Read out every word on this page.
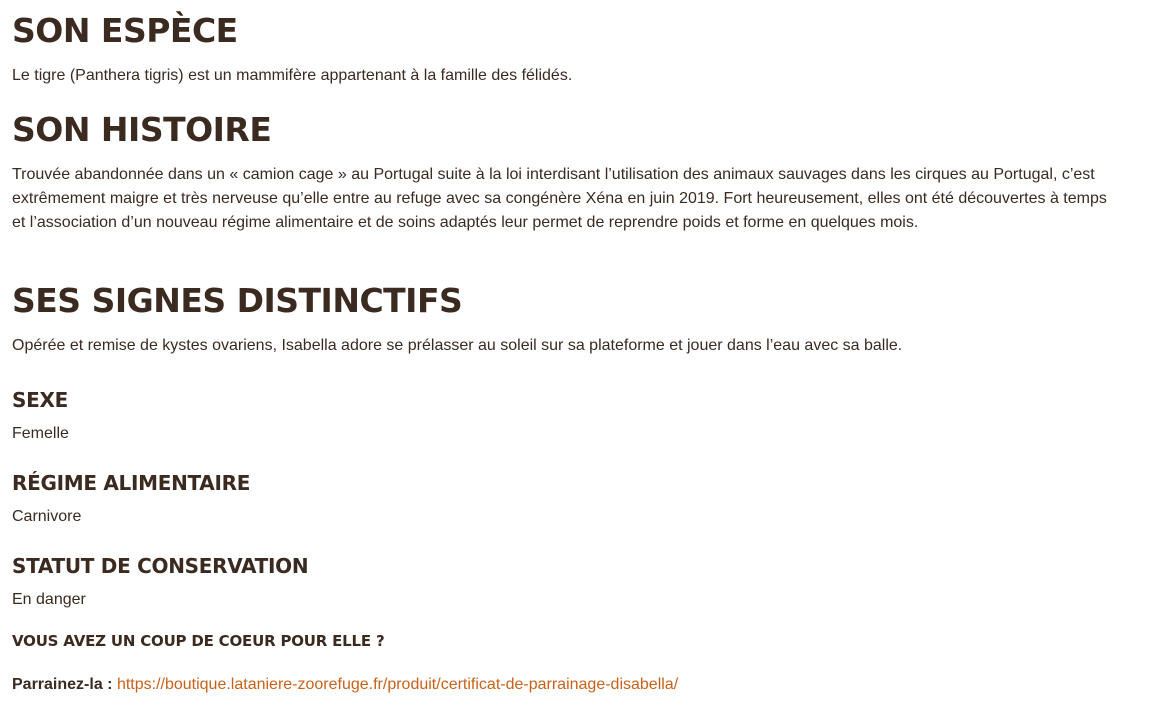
SON ESPÈCE

Le tigre (Panthera tigris) est un mammifère appartenant à la famille des félidés.

SON HISTOIRE

Trouvée abandonnée dans un « camion cage » au Portugal suite à la loi interdisant l’utilisation des animaux sauvages dans les cirques au Portugal, c’est extrêmement maigre et très nerveuse qu’elle entre au refuge avec sa congénère Xéna en juin 2019. Fort heureusement, elles ont été découvertes à temps et l’association d’un nouveau régime alimentaire et de soins adaptés leur permet de reprendre poids et forme en quelques mois.

SES SIGNES DISTINCTIFS

Opérée et remise de kystes ovariens, Isabella adore se prélasser au soleil sur sa plateforme et jouer dans l’eau avec sa balle.

SEXE

Femelle

RÉGIME ALIMENTAIRE

Carnivore

STATUT DE CONSERVATION

En danger

VOUS AVEZ UN COUP DE COEUR POUR ELLE ?

Parrainez-la : https://boutique.lataniere-zoorefuge.fr/produit/certificat-de-parrainage-disabella/
